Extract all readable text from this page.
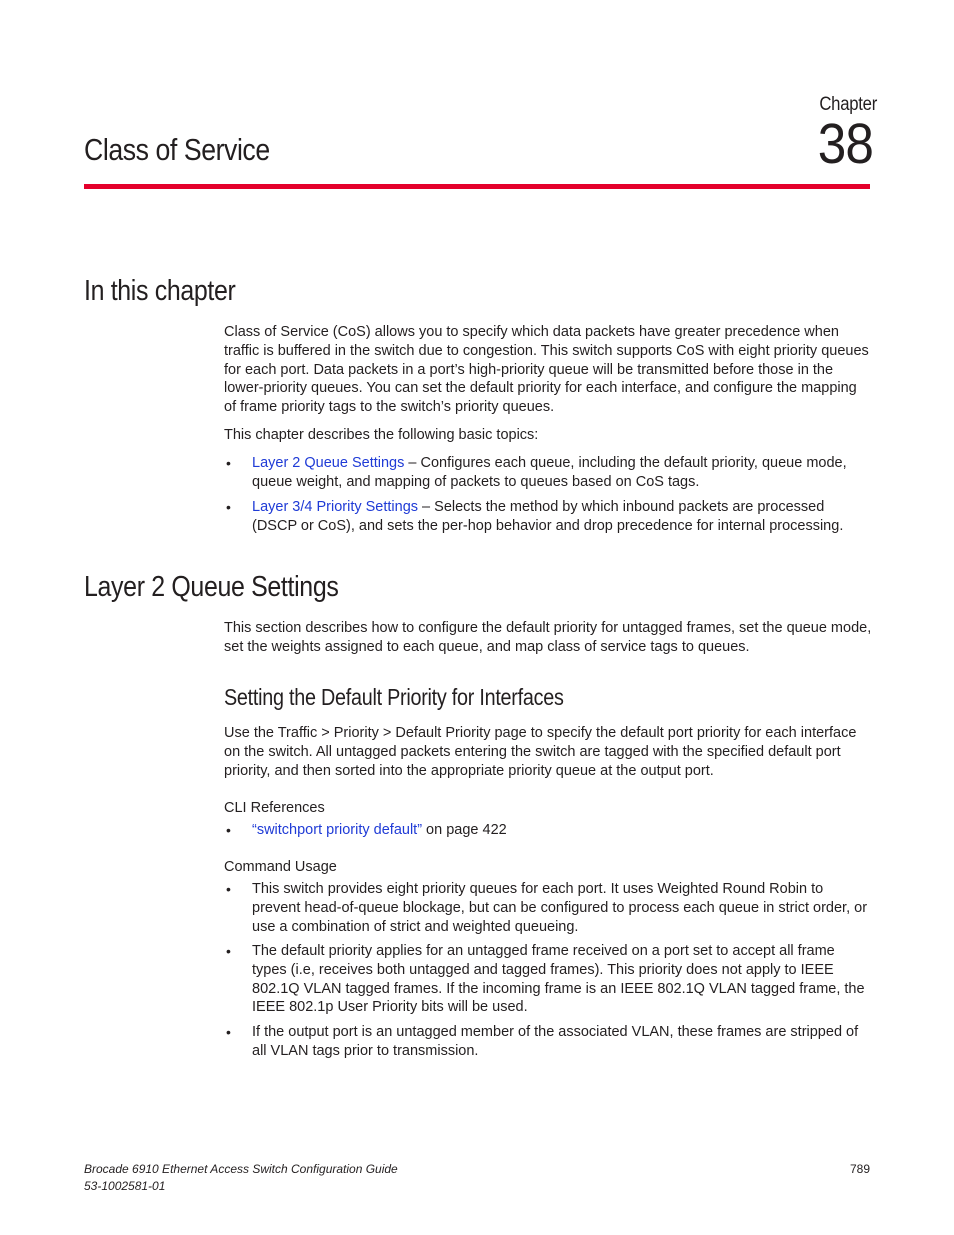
Chapter
38
Class of Service
In this chapter

Class of Service (CoS) allows you to specify which data packets have greater precedence when traffic is buffered in the switch due to congestion. This switch supports CoS with eight priority queues for each port. Data packets in a port’s high-priority queue will be transmitted before those in the lower-priority queues. You can set the default priority for each interface, and configure the mapping of frame priority tags to the switch’s priority queues.

This chapter describes the following basic topics:

• Layer 2 Queue Settings – Configures each queue, including the default priority, queue mode, queue weight, and mapping of packets to queues based on CoS tags.
• Layer 3/4 Priority Settings – Selects the method by which inbound packets are processed (DSCP or CoS), and sets the per-hop behavior and drop precedence for internal processing.
Layer 2 Queue Settings

This section describes how to configure the default priority for untagged frames, set the queue mode, set the weights assigned to each queue, and map class of service tags to queues.

Setting the Default Priority for Interfaces

Use the Traffic > Priority > Default Priority page to specify the default port priority for each interface on the switch. All untagged packets entering the switch are tagged with the specified default port priority, and then sorted into the appropriate priority queue at the output port.

CLI References
• “switchport priority default” on page 422
Command Usage
• This switch provides eight priority queues for each port. It uses Weighted Round Robin to prevent head-of-queue blockage, but can be configured to process each queue in strict order, or use a combination of strict and weighted queueing.
• The default priority applies for an untagged frame received on a port set to accept all frame types (i.e, receives both untagged and tagged frames). This priority does not apply to IEEE 802.1Q VLAN tagged frames. If the incoming frame is an IEEE 802.1Q VLAN tagged frame, the IEEE 802.1p User Priority bits will be used.
• If the output port is an untagged member of the associated VLAN, these frames are stripped of all VLAN tags prior to transmission.
Brocade 6910 Ethernet Access Switch Configuration Guide
53-1002581-01
789
